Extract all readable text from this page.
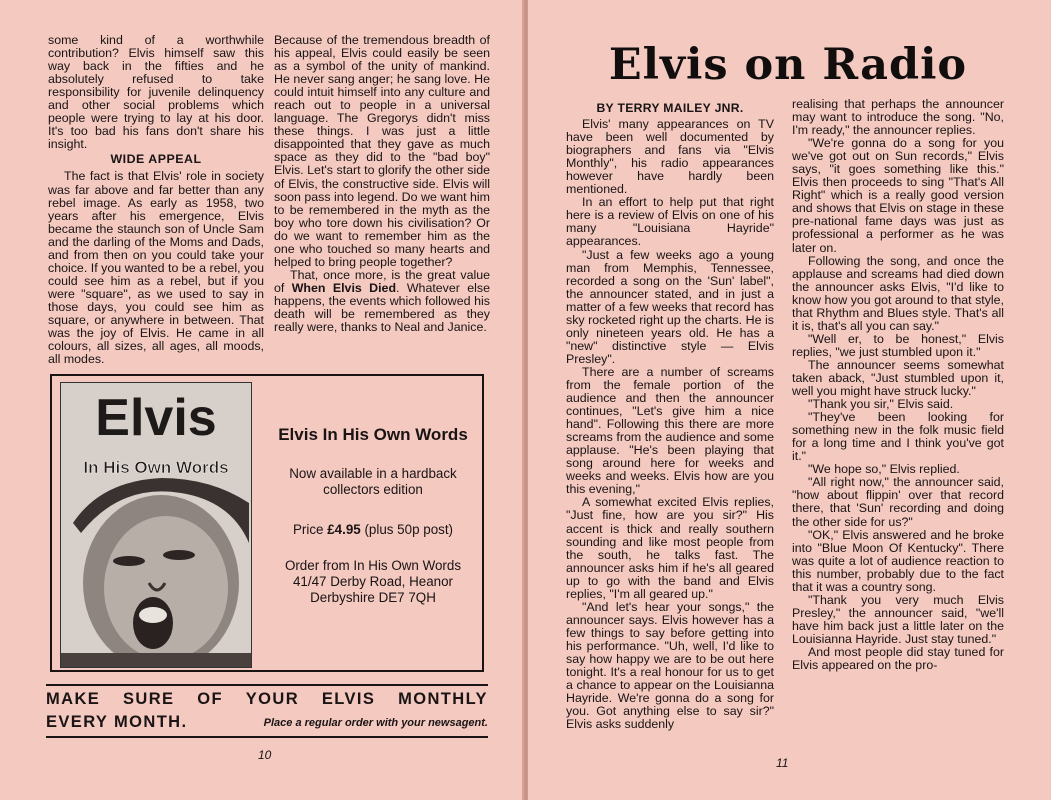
some kind of a worthwhile contribution? Elvis himself saw this way back in the fifties and he absolutely refused to take responsibility for juvenile delinquency and other social problems which people were trying to lay at his door. It's too bad his fans don't share his insight.

WIDE APPEAL

The fact is that Elvis' role in society was far above and far better than any rebel image. As early as 1958, two years after his emergence, Elvis became the staunch son of Uncle Sam and the darling of the Moms and Dads, and from then on you could take your choice. If you wanted to be a rebel, you could see him as a rebel, but if you were "square", as we used to say in those days, you could see him as square, or anywhere in between. That was the joy of Elvis. He came in all colours, all sizes, all ages, all moods, all modes.

Because of the tremendous breadth of his appeal, Elvis could easily be seen as a symbol of the unity of mankind. He never sang anger; he sang love. He could intuit himself into any culture and reach out to people in a universal language. The Gregorys didn't miss these things. I was just a little disappointed that they gave as much space as they did to the "bad boy" Elvis. Let's start to glorify the other side of Elvis, the constructive side. Elvis will soon pass into legend. Do we want him to be remembered in the myth as the boy who tore down his civilisation? Or do we want to remember him as the one who touched so many hearts and helped to bring people together?

That, once more, is the great value of When Elvis Died. Whatever else happens, the events which followed his death will be remembered as they really were, thanks to Neal and Janice.

Elvis
In His Own Words
Elvis In His Own Words
Now available in a hardback collectors edition
Price £4.95 (plus 50p post)
Order from In His Own Words
41/47 Derby Road, Heanor
Derbyshire DE7 7QH
MAKE SURE OF YOUR ELVIS MONTHLY
EVERY MONTH.	Place a regular order with your newsagent.
10
Elvis on Radio
BY TERRY MAILEY JNR.

Elvis' many appearances on TV have been well documented by biographers and fans via "Elvis Monthly", his radio appearances however have hardly been mentioned.

In an effort to help put that right here is a review of Elvis on one of his many "Louisiana Hayride" appearances.

"Just a few weeks ago a young man from Memphis, Tennessee, recorded a song on the 'Sun' label", the announcer stated, and in just a matter of a few weeks that record has sky rocketed right up the charts. He is only nineteen years old. He has a "new" distinctive style — Elvis Presley".

There are a number of screams from the female portion of the audience and then the announcer continues, "Let's give him a nice hand". Following this there are more screams from the audience and some applause. "He's been playing that song around here for weeks and weeks and weeks. Elvis how are you this evening,"

A somewhat excited Elvis replies, "Just fine, how are you sir?" His accent is thick and really southern sounding and like most people from the south, he talks fast. The announcer asks him if he's all geared up to go with the band and Elvis replies, "I'm all geared up."

"And let's hear your songs," the announcer says. Elvis however has a few things to say before getting into his performance. "Uh, well, I'd like to say how happy we are to be out here tonight. It's a real honour for us to get a chance to appear on the Louisianna Hayride. We're gonna do a song for you. Got anything else to say sir?" Elvis asks suddenly

realising that perhaps the announcer may want to introduce the song. "No, I'm ready," the announcer replies.

"We're gonna do a song for you we've got out on Sun records," Elvis says, "it goes something like this." Elvis then proceeds to sing "That's All Right" which is a really good version and shows that Elvis on stage in these pre-national fame days was just as professional a performer as he was later on.

Following the song, and once the applause and screams had died down the announcer asks Elvis, "I'd like to know how you got around to that style, that Rhythm and Blues style. That's all it is, that's all you can say."

"Well er, to be honest," Elvis replies, "we just stumbled upon it."

The announcer seems somewhat taken aback, "Just stumbled upon it, well you might have struck lucky."

"Thank you sir," Elvis said.

"They've been looking for something new in the folk music field for a long time and I think you've got it."

"We hope so," Elvis replied.

"All right now," the announcer said, "how about flippin' over that record there, that 'Sun' recording and doing the other side for us?"

"OK," Elvis answered and he broke into "Blue Moon Of Kentucky". There was quite a lot of audience reaction to this number, probably due to the fact that it was a country song.

"Thank you very much Elvis Presley," the announcer said, "we'll have him back just a little later on the Louisianna Hayride. Just stay tuned."

And most people did stay tuned for Elvis appeared on the pro-

11
